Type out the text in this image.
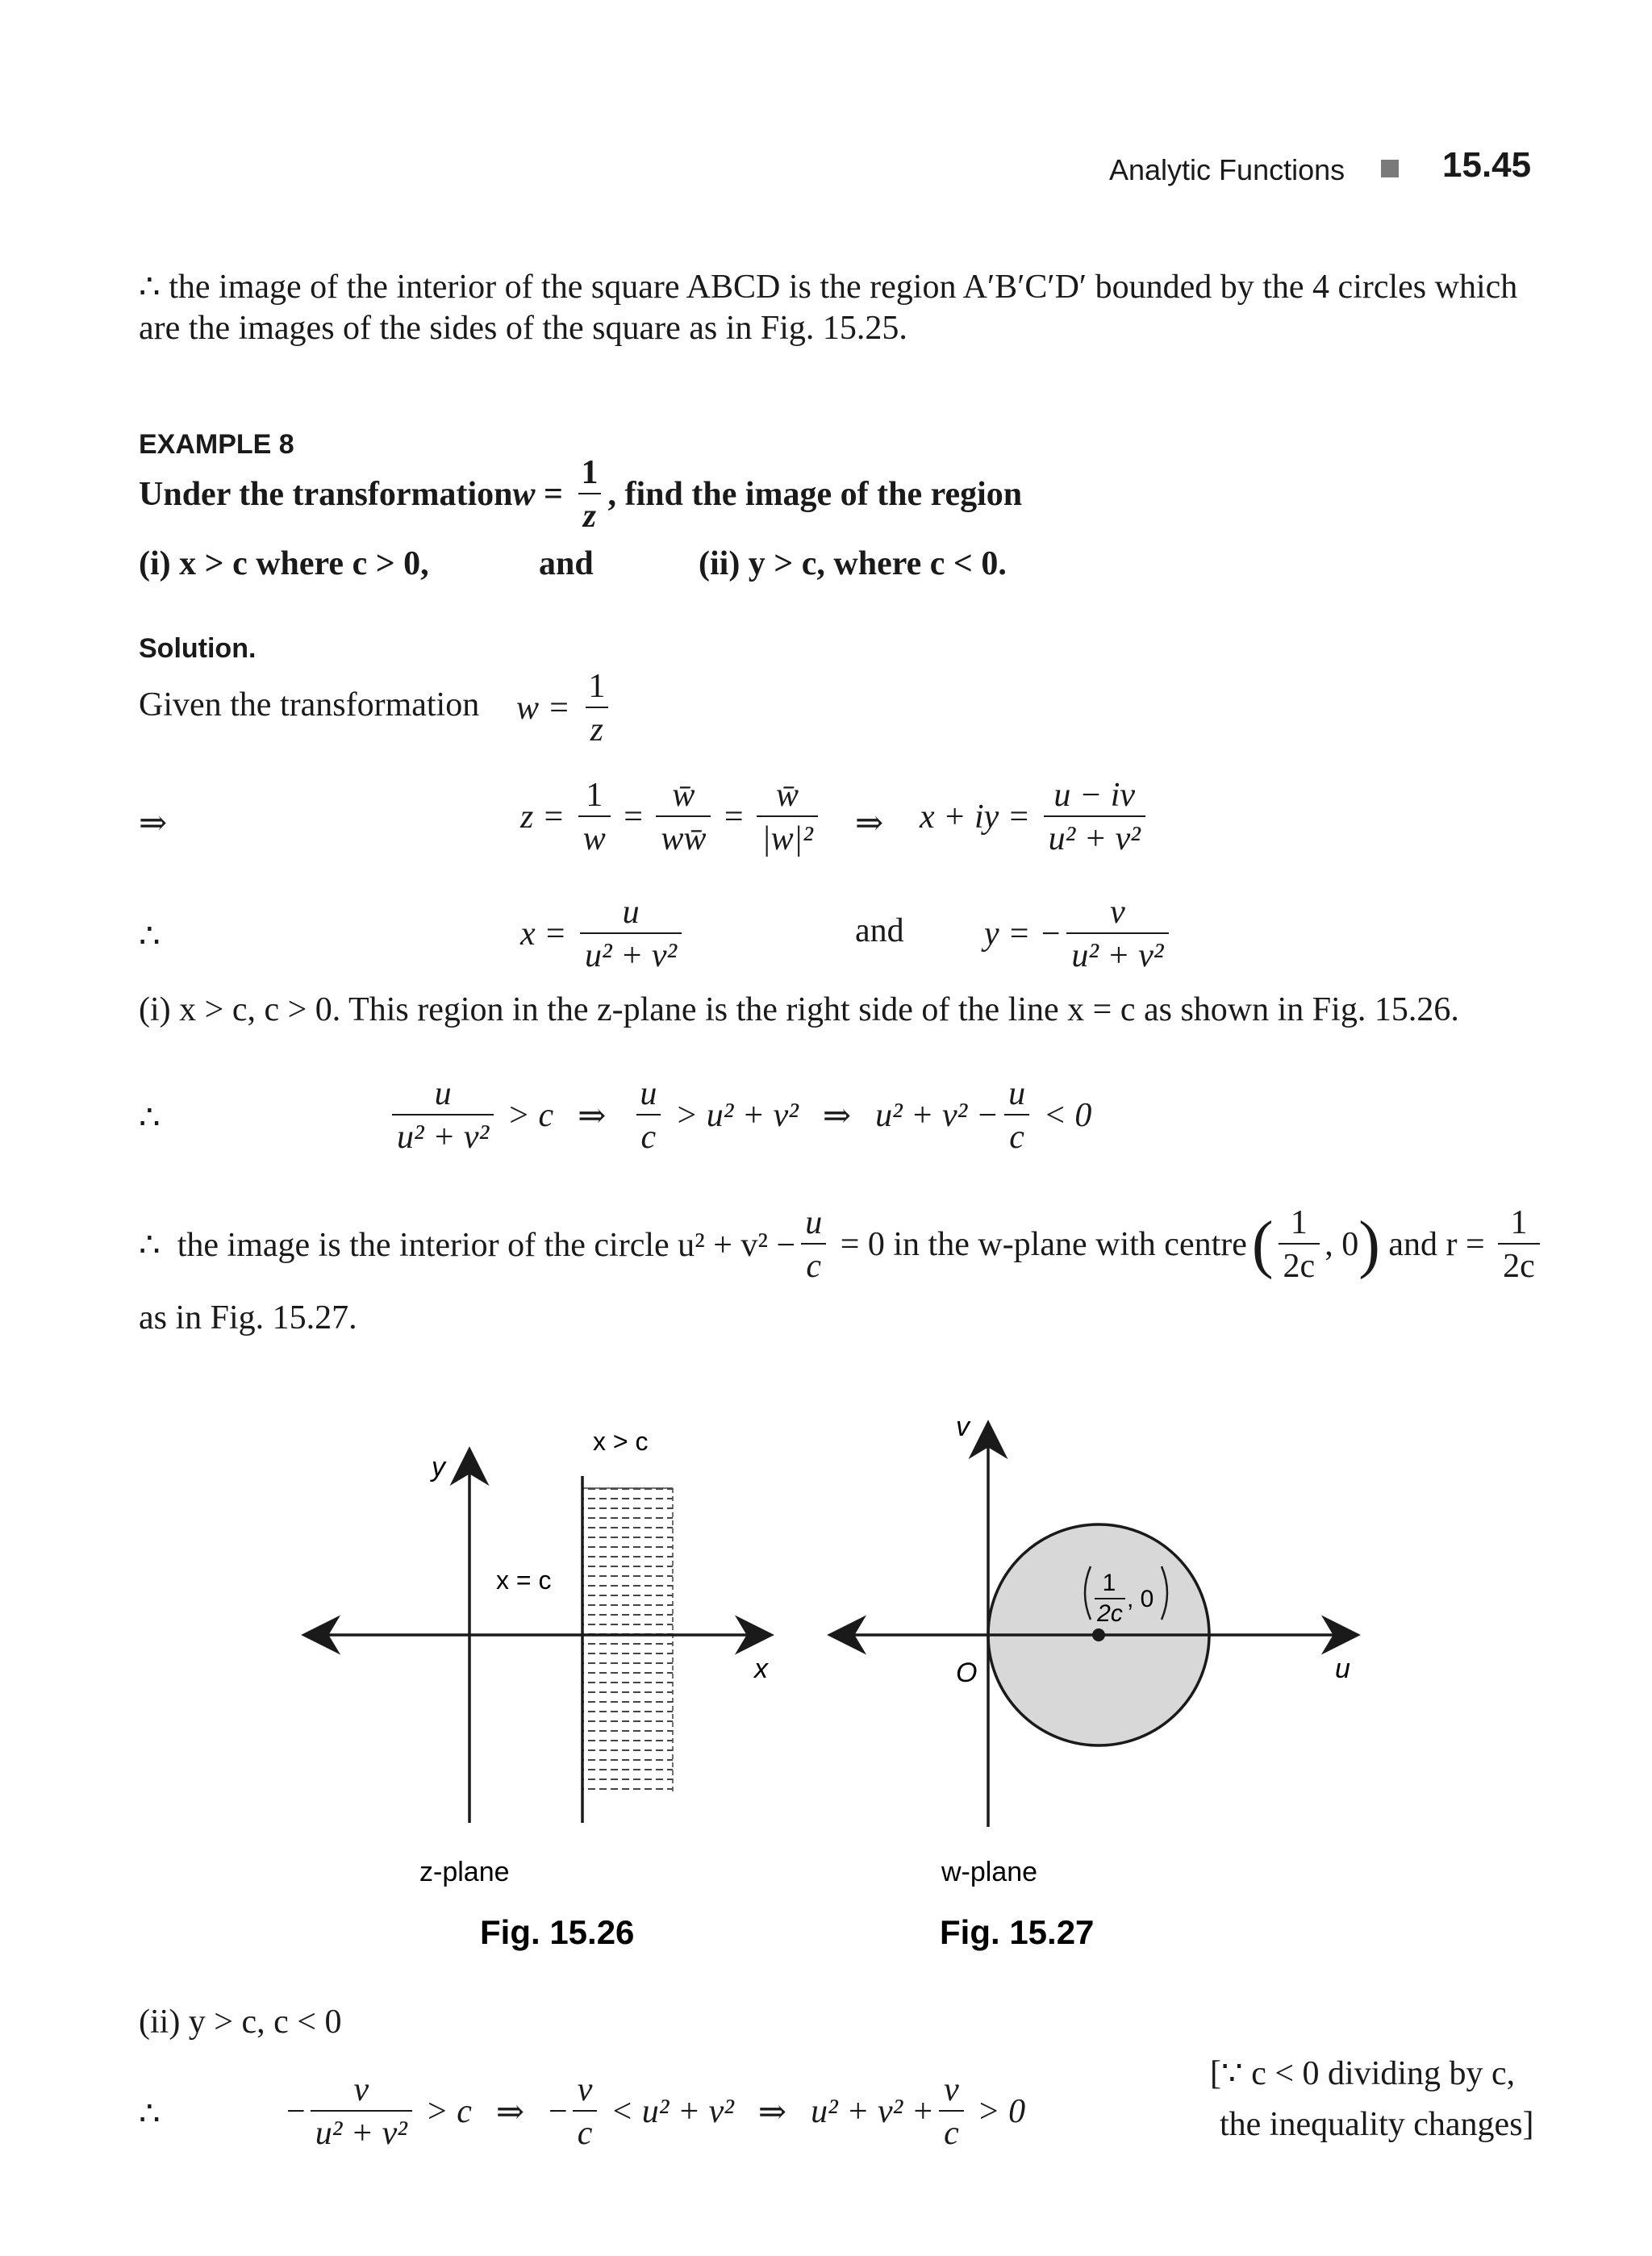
Analytic Functions	15.45
∴ the image of the interior of the square ABCD is the region A′B′C′D′ bounded by the 4 circles which
are the images of the sides of the square as in Fig. 15.25.
EXAMPLE 8
Under the transformation $w = \frac{1}{z}$ , find the image of the region
(i) x > c where c > 0,	and	(ii) y > c, where c < 0.
Solution.
Given the transformation $w = \frac{1}{z}$
⇒	$z = \frac{1}{w} = \frac{w̄}{ww̄} = \frac{w̄}{\text{|w|²}}$ ⇒ x + iy = $\frac{u - iv}{\text{u² + v²}}$
∴	$x = \frac{u}{\text{u² + v²}}$	and y = − $\frac{v}{\text{u² + v²}}$
(i) x > c, c > 0. This region in the z-plane is the right side of the line x = c as shown in Fig. 15.26.
∴	$\frac{u}{\text{u² + v²}} > c$ ⇒ $\frac{u}{c} > u^2 + v^2$ ⇒ $u^2 + v^2 - \frac{u}{c} < 0$
∴  the image is the interior of the circle $u^2 + v^2 - \frac{u}{c} = 0$ in the w-plane with centre ( $\frac{1}{2c}$ , 0 ) and $r = \frac{1}{2c}$
as in Fig. 15.27.
y
x
x = c
x > c
z-plane
Fig. 15.26
v
u
O
1
2c
, 0
w-plane
Fig. 15.27
(ii) y > c, c < 0
∴	− $\frac{v}{\text{u² + v²}} > c$ ⇒ − $\frac{v}{c} < u^2 + v^2$ ⇒ $u^2 + v^2 + \frac{v}{c} > 0$
[∵ c < 0 dividing by c,
the inequality changes]
